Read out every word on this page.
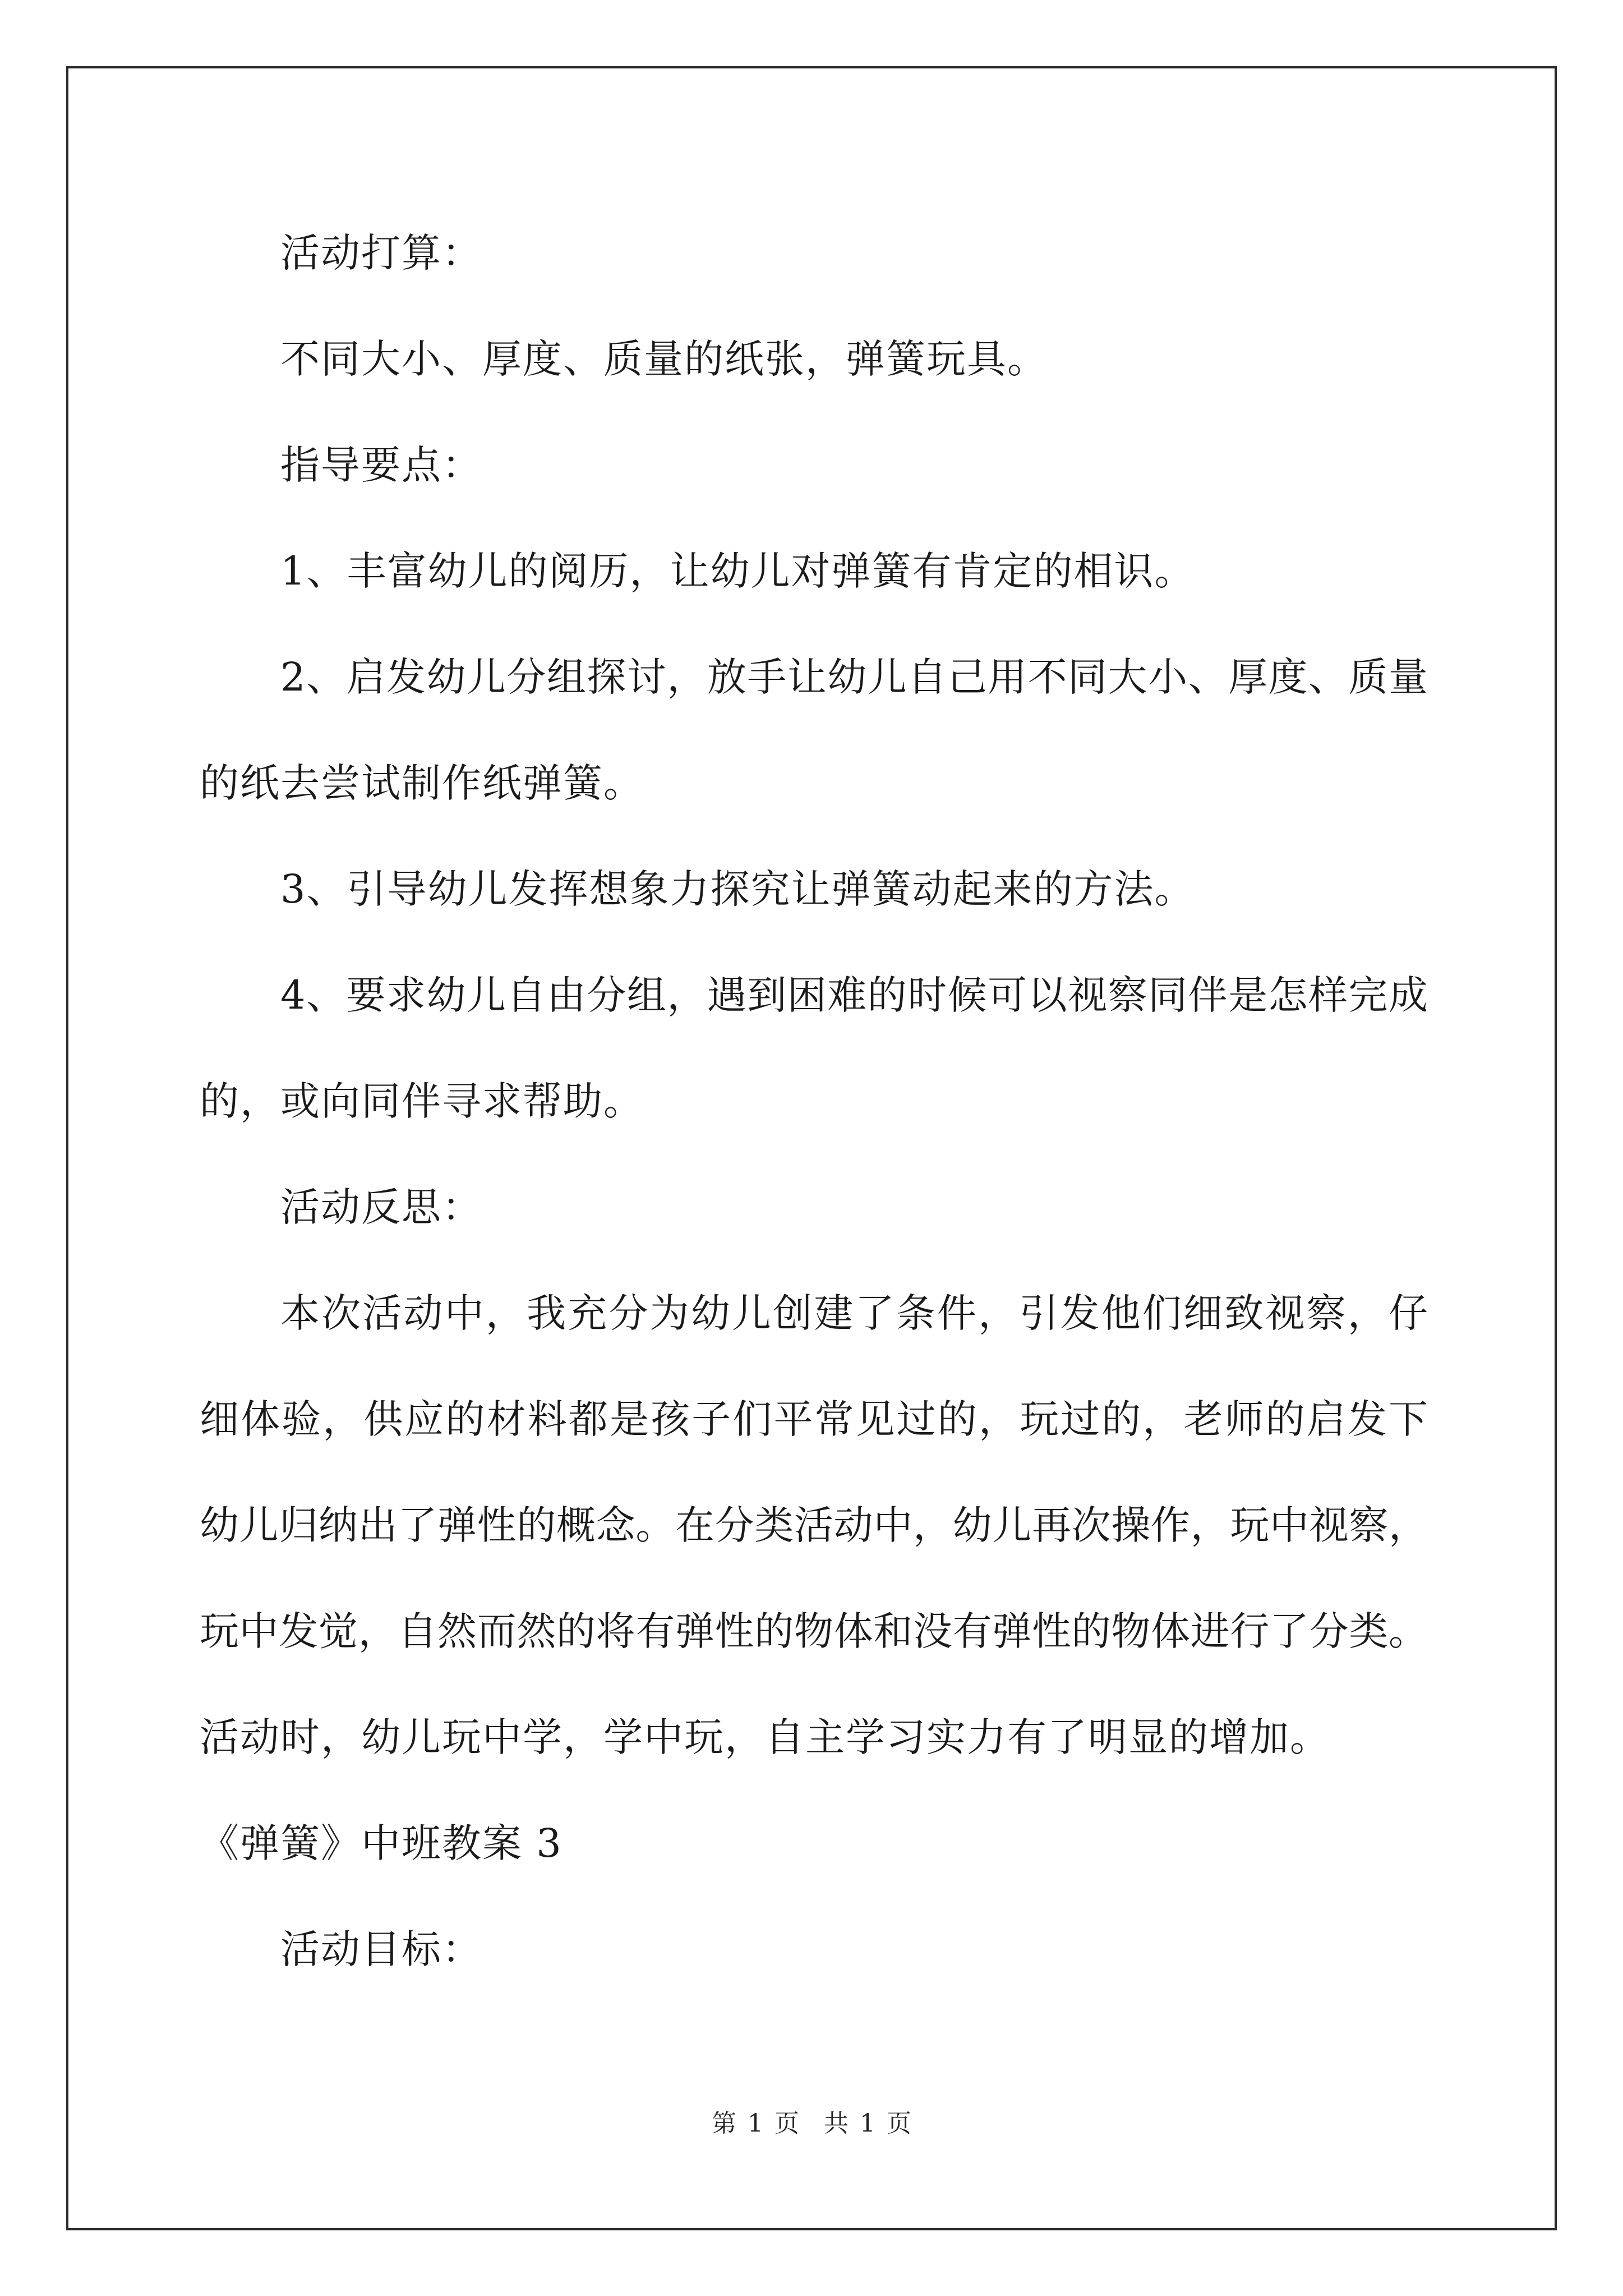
活动打算：
不同大小、厚度、质量的纸张，弹簧玩具。
指导要点：
1、丰富幼儿的阅历，让幼儿对弹簧有肯定的相识。
2、启发幼儿分组探讨，放手让幼儿自己用不同大小、厚度、质量
的纸去尝试制作纸弹簧。
3、引导幼儿发挥想象力探究让弹簧动起来的方法。
4、要求幼儿自由分组，遇到困难的时候可以视察同伴是怎样完成
的，或向同伴寻求帮助。
活动反思：
本次活动中，我充分为幼儿创建了条件，引发他们细致视察，仔
细体验，供应的材料都是孩子们平常见过的，玩过的，老师的启发下
幼儿归纳出了弹性的概念。在分类活动中，幼儿再次操作，玩中视察，
玩中发觉，自然而然的将有弹性的物体和没有弹性的物体进行了分类。
活动时，幼儿玩中学，学中玩，自主学习实力有了明显的增加。
《弹簧》中班教案 3
活动目标：
第 1 页　共 1 页
